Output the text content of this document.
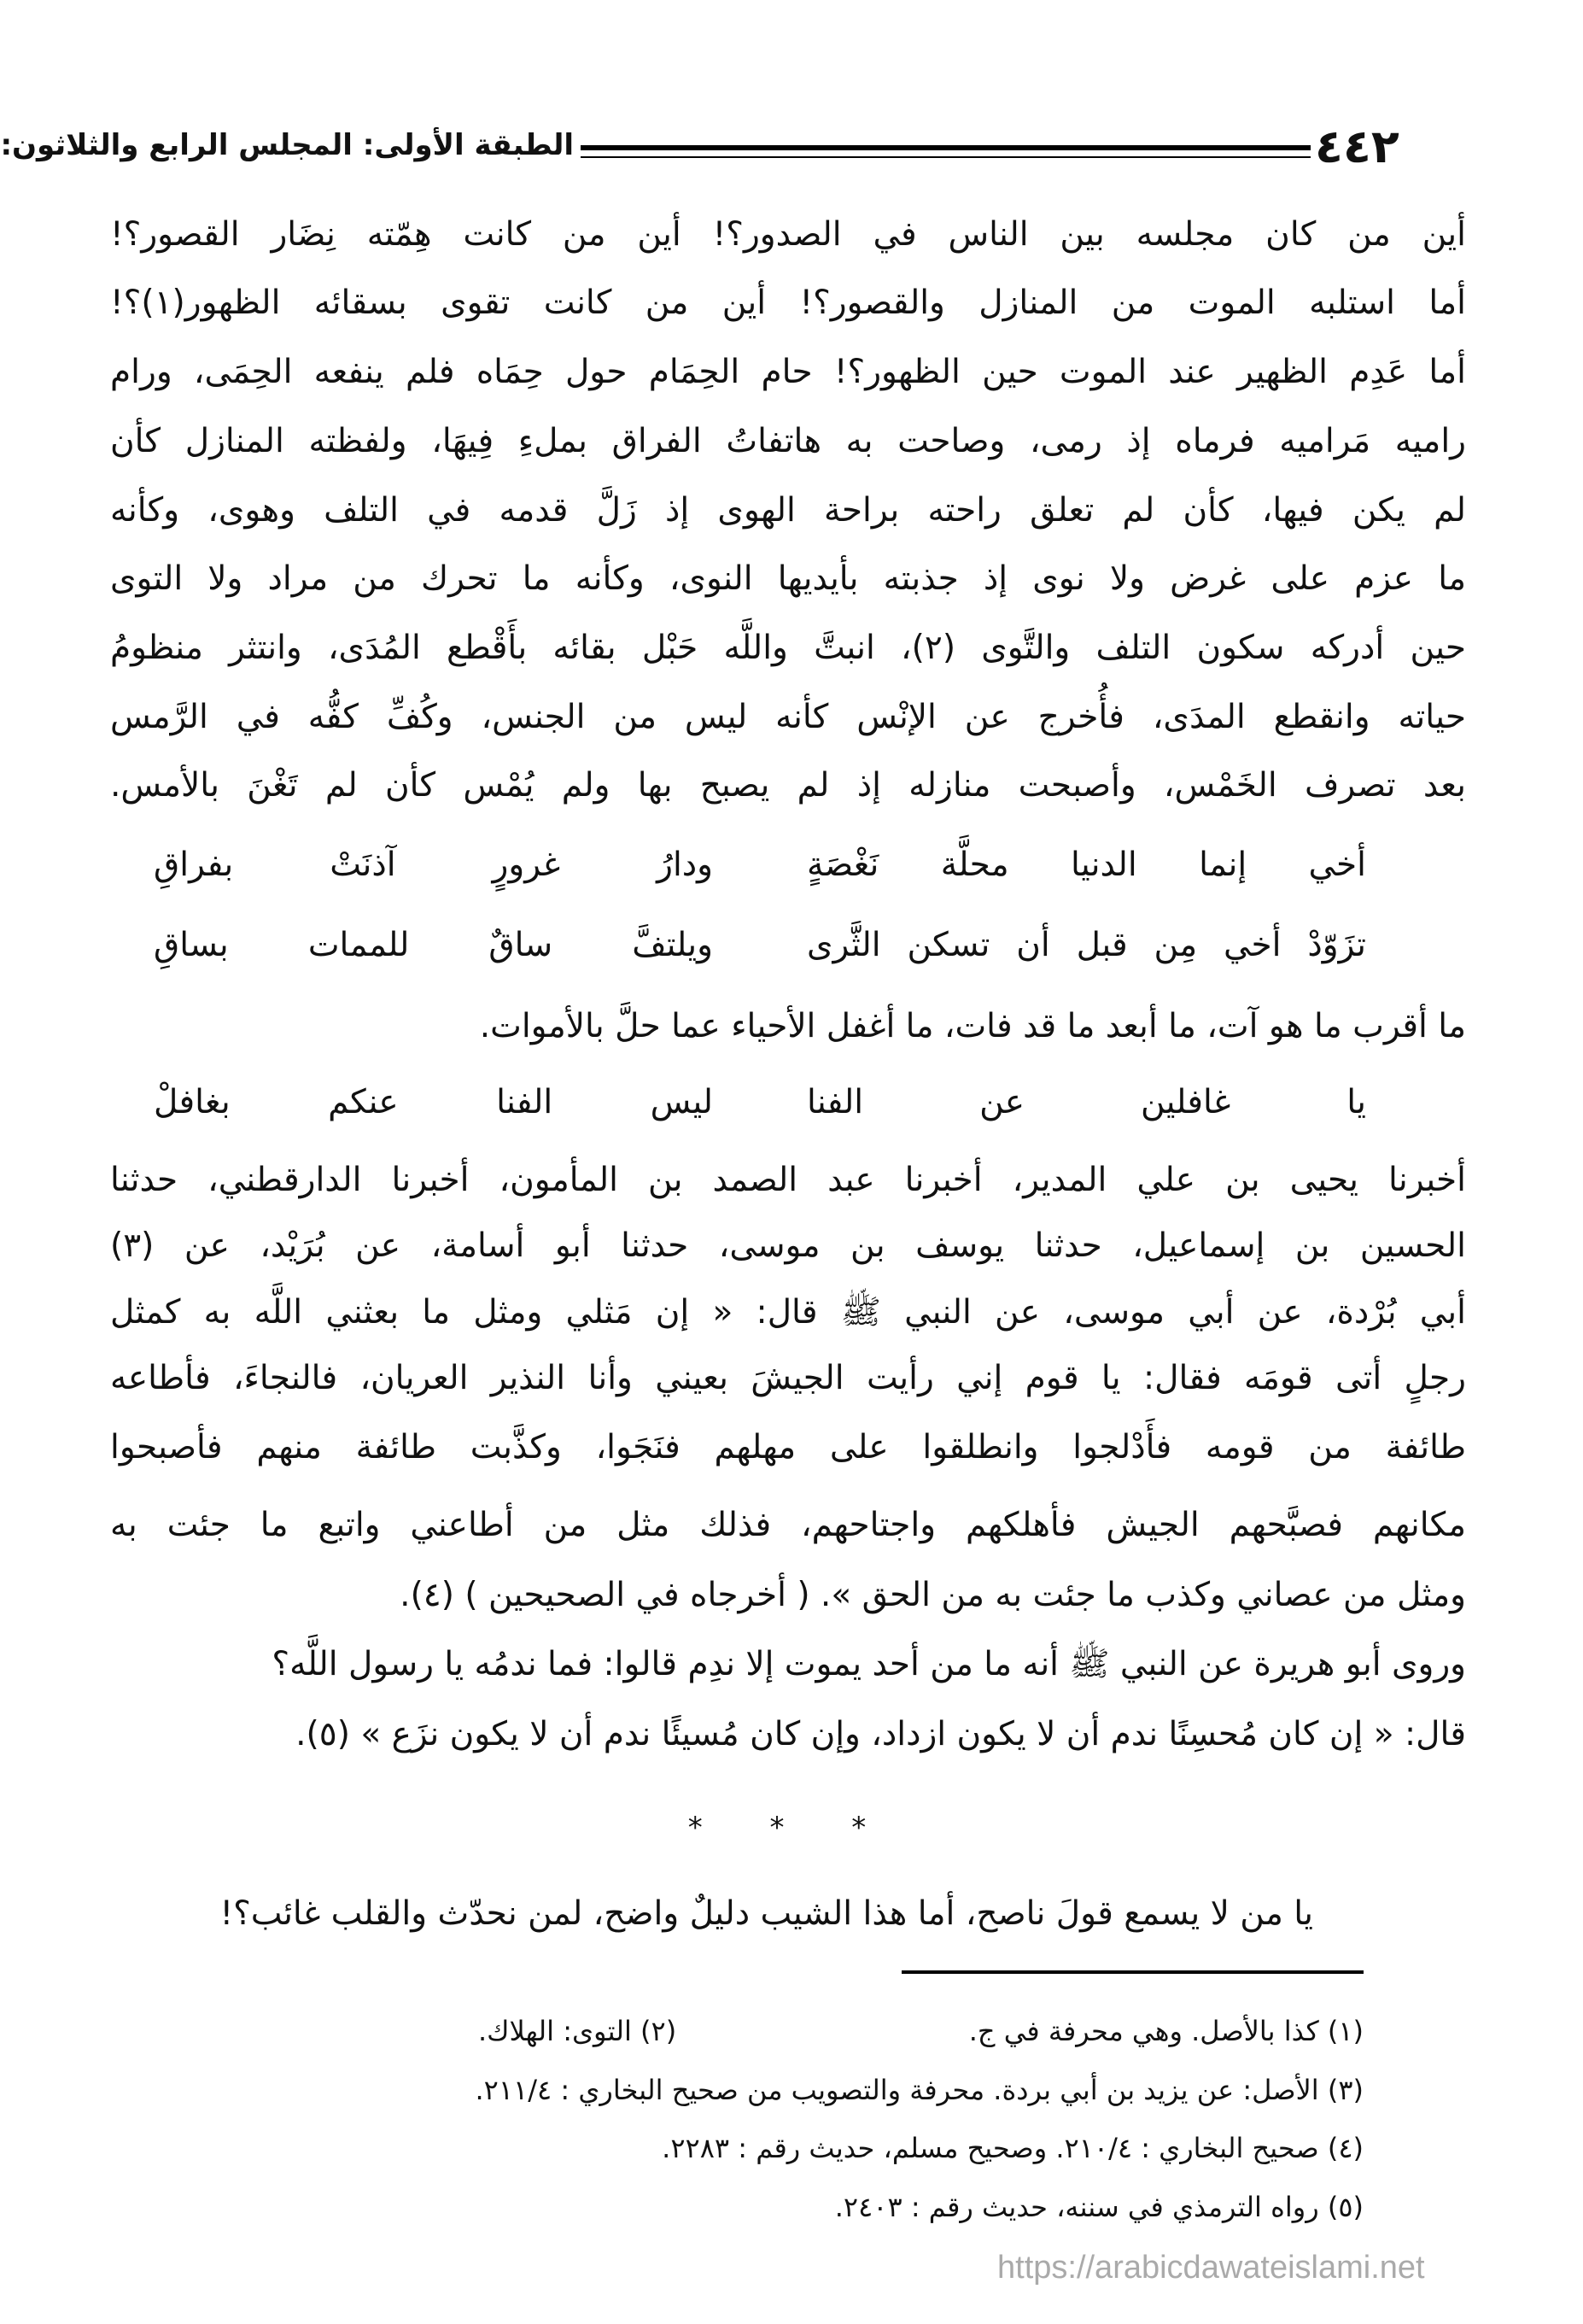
٤٤٢
الطبقة الأولى: المجلس الرابع والثلاثون:
أين من كان مجلسه بين الناس في الصدور؟! أين من كانت هِمّته نِضَار القصور؟!
أما استلبه الموت من المنازل والقصور؟! أين من كانت تقوى بسقائه الظهور(١)؟!
أما عَدِم الظهير عند الموت حين الظهور؟! حام الحِمَام حول حِمَاه فلم ينفعه الحِمَى، ورام
راميه مَراميه فرماه إذ رمى، وصاحت به هاتفاتُ الفراق بملءِ فِيهَا، ولفظته المنازل كأن
لم يكن فيها، كأن لم تعلق راحته براحة الهوى إذ زَلَّ قدمه في التلف وهوى، وكأنه
ما عزم على غرض ولا نوى إذ جذبته بأيديها النوى، وكأنه ما تحرك من مراد ولا التوى
حين أدركه سكون التلف والتَّوى (٢)، انبتَّ واللَّه حَبْل بقائه بأَقْطع المُدَى، وانتثر منظومُ
حياته وانقطع المدَى، فأُخرج عن الإنْس كأنه ليس من الجنس، وكُفِّ كفُّه في الرَّمس
بعد تصرف الخَمْس، وأصبحت منازله إذ لم يصبح بها ولم يُمْس كأن لم تَغْنَ بالأمس.
أخي إنما الدنيا محلَّة نَغْصَةٍ
ودارُ غرورٍ آذنَتْ بفراقِ
تزَوّدْ أخي مِن قبل أن تسكن الثَّرى
ويلتفَّ ساقٌ للممات بساقِ
ما أقرب ما هو آت، ما أبعد ما قد فات، ما أغفل الأحياء عما حلَّ بالأموات.
يا غافلين عن الفنا
ليس الفنا عنكم بغافلْ
أخبرنا يحيى بن علي المدير، أخبرنا عبد الصمد بن المأمون، أخبرنا الدارقطني، حدثنا
الحسين بن إسماعيل، حدثنا يوسف بن موسى، حدثنا أبو أسامة، عن بُرَيْد، عن (٣)
أبي بُرْدة، عن أبي موسى، عن النبي ﷺ قال: « إن مَثلي ومثل ما بعثني اللَّه به كمثل
رجلٍ أتى قومَه فقال: يا قوم إني رأيت الجيشَ بعيني وأنا النذير العريان، فالنجاءَ، فأطاعه
طائفة من قومه فأَدْلجوا وانطلقوا على مهلهم فنَجَوا، وكذَّبت طائفة منهم فأصبحوا
مكانهم فصبَّحهم الجيش فأهلكهم واجتاحهم، فذلك مثل من أطاعني واتبع ما جئت به
ومثل من عصاني وكذب ما جئت به من الحق ». ( أخرجاه في الصحيحين ) (٤).
وروى أبو هريرة عن النبي ﷺ أنه ما من أحد يموت إلا ندِم قالوا: فما ندمُه يا رسول اللَّه؟
قال: « إن كان مُحسِنًا ندم أن لا يكون ازداد، وإن كان مُسيئًا ندم أن لا يكون نزَع » (٥).
* * *
يا من لا يسمع قولَ ناصح، أما هذا الشيب دليلٌ واضح، لمن نحدّث والقلب غائب؟!
(١) كذا بالأصل. وهي محرفة في ج.
(٢) التوى: الهلاك.
(٣) الأصل: عن يزيد بن أبي بردة. محرفة والتصويب من صحيح البخاري : ٢١١/٤.
(٤) صحيح البخاري : ٢١٠/٤. وصحيح مسلم، حديث رقم : ٢٢٨٣.
(٥) رواه الترمذي في سننه، حديث رقم : ٢٤٠٣.
https://arabicdawateislami.net
